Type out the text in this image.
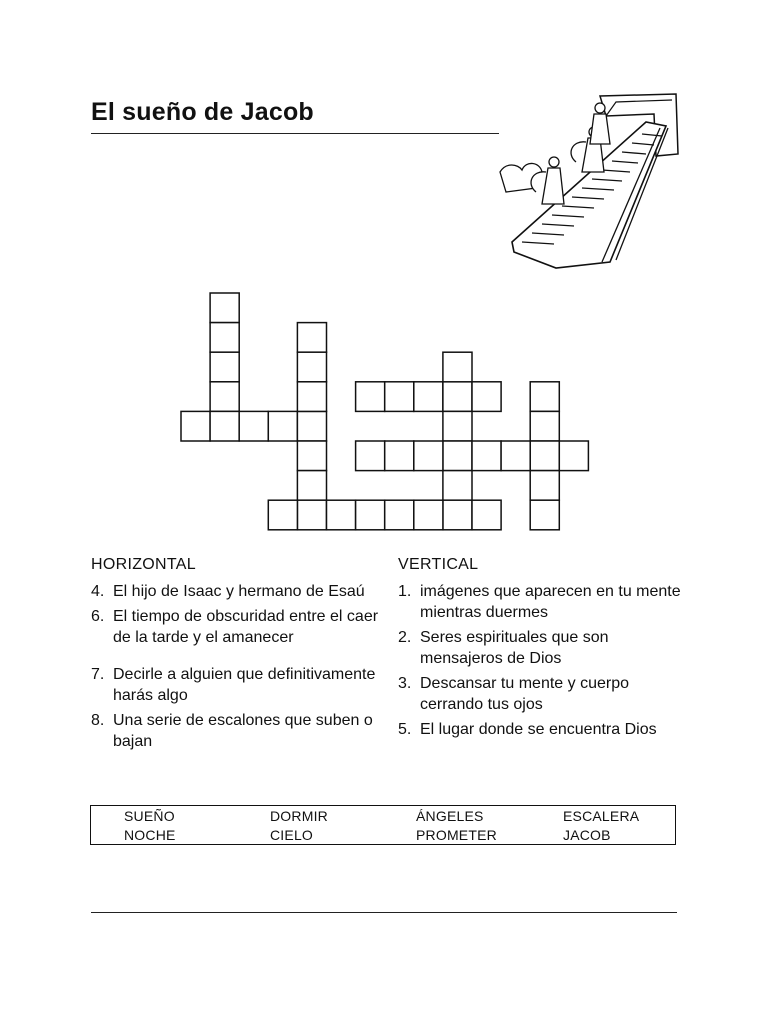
El sueño de Jacob
HORIZONTAL
4. El hijo de Isaac y hermano de Esaú
6. El tiempo de obscuridad entre el caer de la tarde y el amanecer
7. Decirle a alguien que definitivamente harás algo
8. Una serie de escalones que suben o bajan
VERTICAL
1. imágenes que aparecen en tu mente mientras duermes
2. Seres espirituales que son mensajeros de Dios
3. Descansar tu mente y cuerpo cerrando tus ojos
5. El lugar donde se encuentra Dios
SUEÑO	DORMIR	ÁNGELES	ESCALERA
NOCHE	CIELO	PROMETER	JACOB
